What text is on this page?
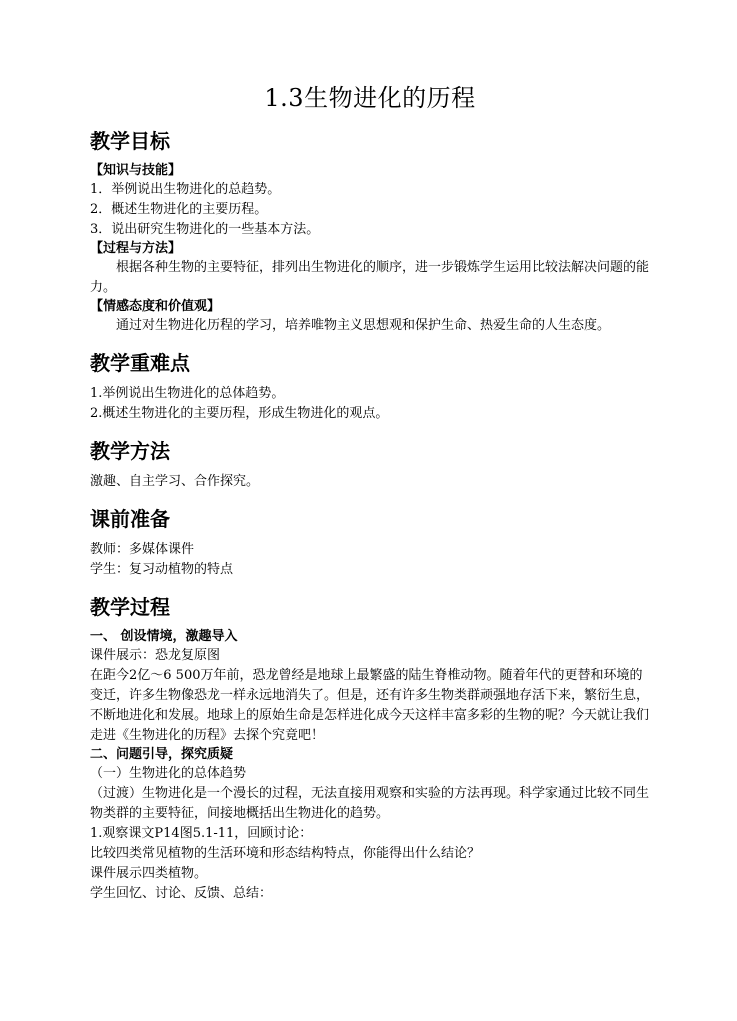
1.3生物进化的历程
教学目标
【知识与技能】
1．举例说出生物进化的总趋势。
2．概述生物进化的主要历程。
3．说出研究生物进化的一些基本方法。
【过程与方法】
根据各种生物的主要特征，排列出生物进化的顺序，进一步锻炼学生运用比较法解决问题的能力。
【情感态度和价值观】
通过对生物进化历程的学习，培养唯物主义思想观和保护生命、热爱生命的人生态度。
教学重难点
1.举例说出生物进化的总体趋势。
2.概述生物进化的主要历程，形成生物进化的观点。
教学方法
激趣、自主学习、合作探究。
课前准备
教师：多媒体课件
学生：复习动植物的特点
教学过程
一、 创设情境，激趣导入
课件展示：恐龙复原图
在距今2亿～6 500万年前，恐龙曾经是地球上最繁盛的陆生脊椎动物。随着年代的更替和环境的变迁，许多生物像恐龙一样永远地消失了。但是，还有许多生物类群顽强地存活下来，繁衍生息，不断地进化和发展。地球上的原始生命是怎样进化成今天这样丰富多彩的生物的呢？今天就让我们走进《生物进化的历程》去探个究竟吧！
二、问题引导，探究质疑
（一）生物进化的总体趋势
（过渡）生物进化是一个漫长的过程，无法直接用观察和实验的方法再现。科学家通过比较不同生物类群的主要特征，间接地概括出生物进化的趋势。
1.观察课文P14图5.1-11，回顾讨论：
比较四类常见植物的生活环境和形态结构特点，你能得出什么结论？
课件展示四类植物。
学生回忆、讨论、反馈、总结：
